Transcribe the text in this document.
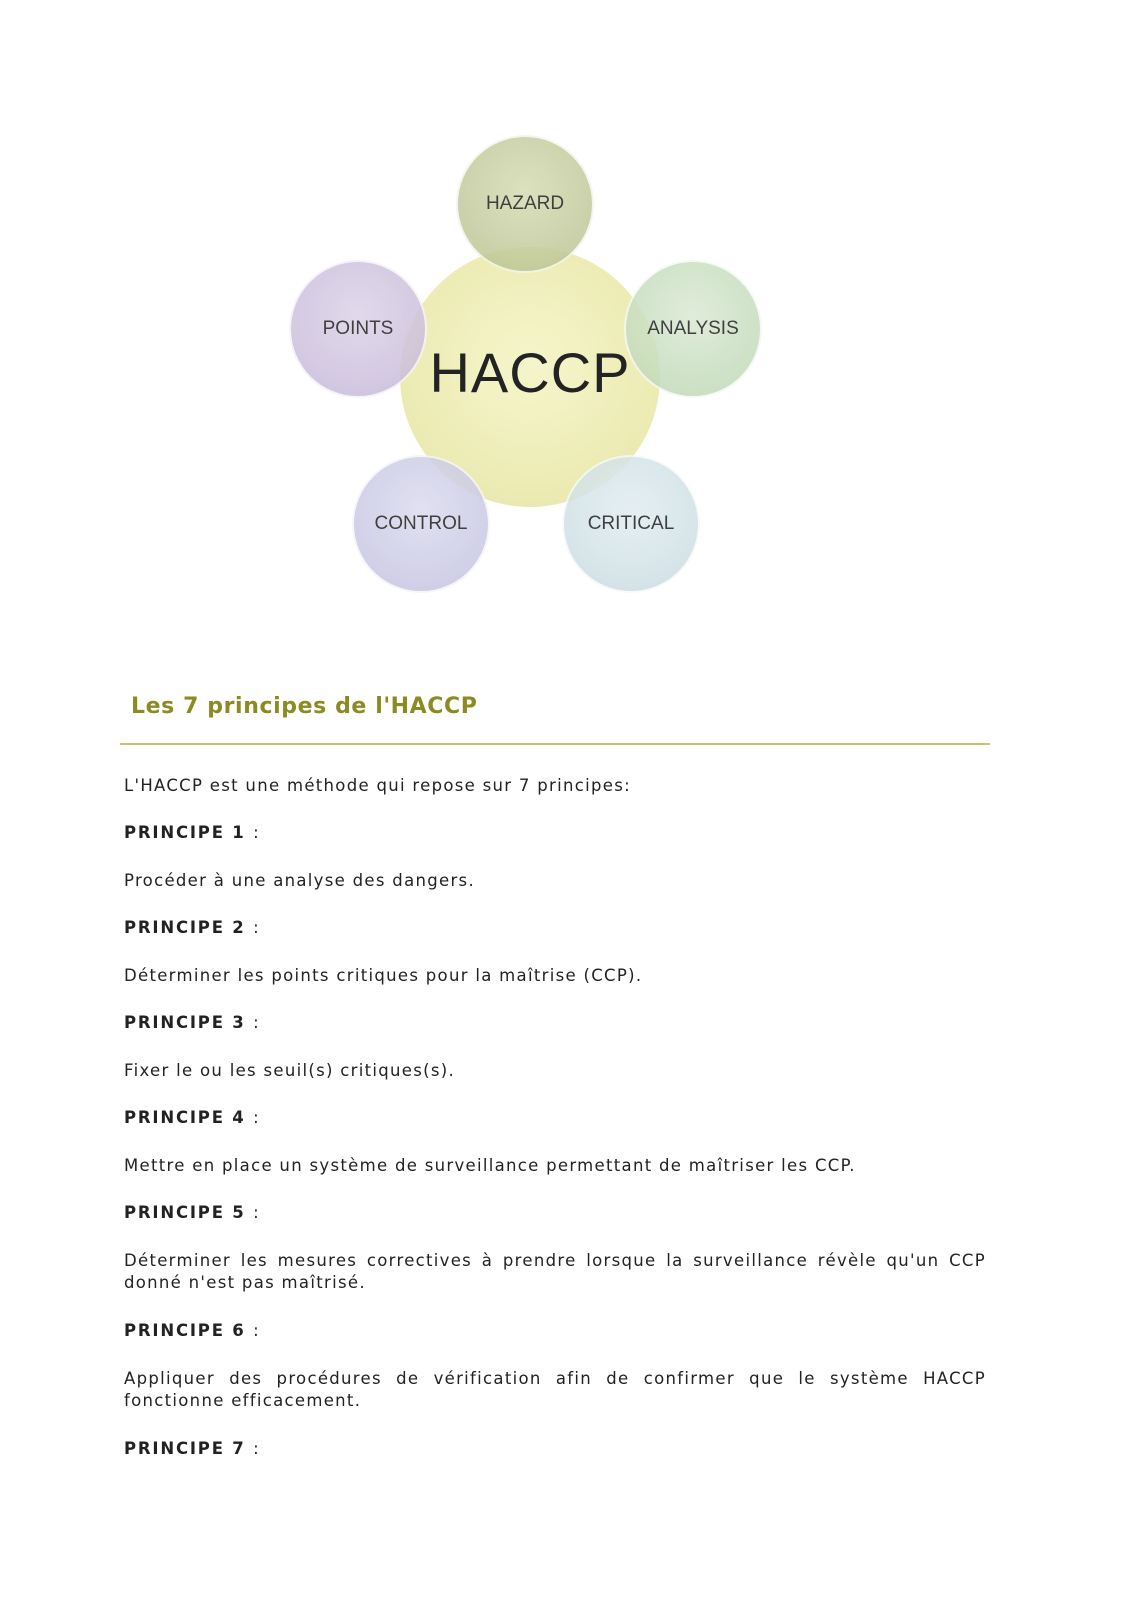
HACCP
HAZARD
ANALYSIS
CRITICAL
CONTROL
POINTS
Les 7 principes de l'HACCP

L'HACCP est une méthode qui repose sur 7 principes:

PRINCIPE 1 :

Procéder à une analyse des dangers.

PRINCIPE 2 :

Déterminer les points critiques pour la maîtrise (CCP).

PRINCIPE 3 :

Fixer le ou les seuil(s) critiques(s).

PRINCIPE 4 :

Mettre en place un système de surveillance permettant de maîtriser les CCP.

PRINCIPE 5 :

Déterminer les mesures correctives à prendre lorsque la surveillance révèle qu'un CCP donné n'est pas maîtrisé.

PRINCIPE 6 :

Appliquer des procédures de vérification afin de confirmer que le système HACCP fonctionne efficacement.

PRINCIPE 7 :
